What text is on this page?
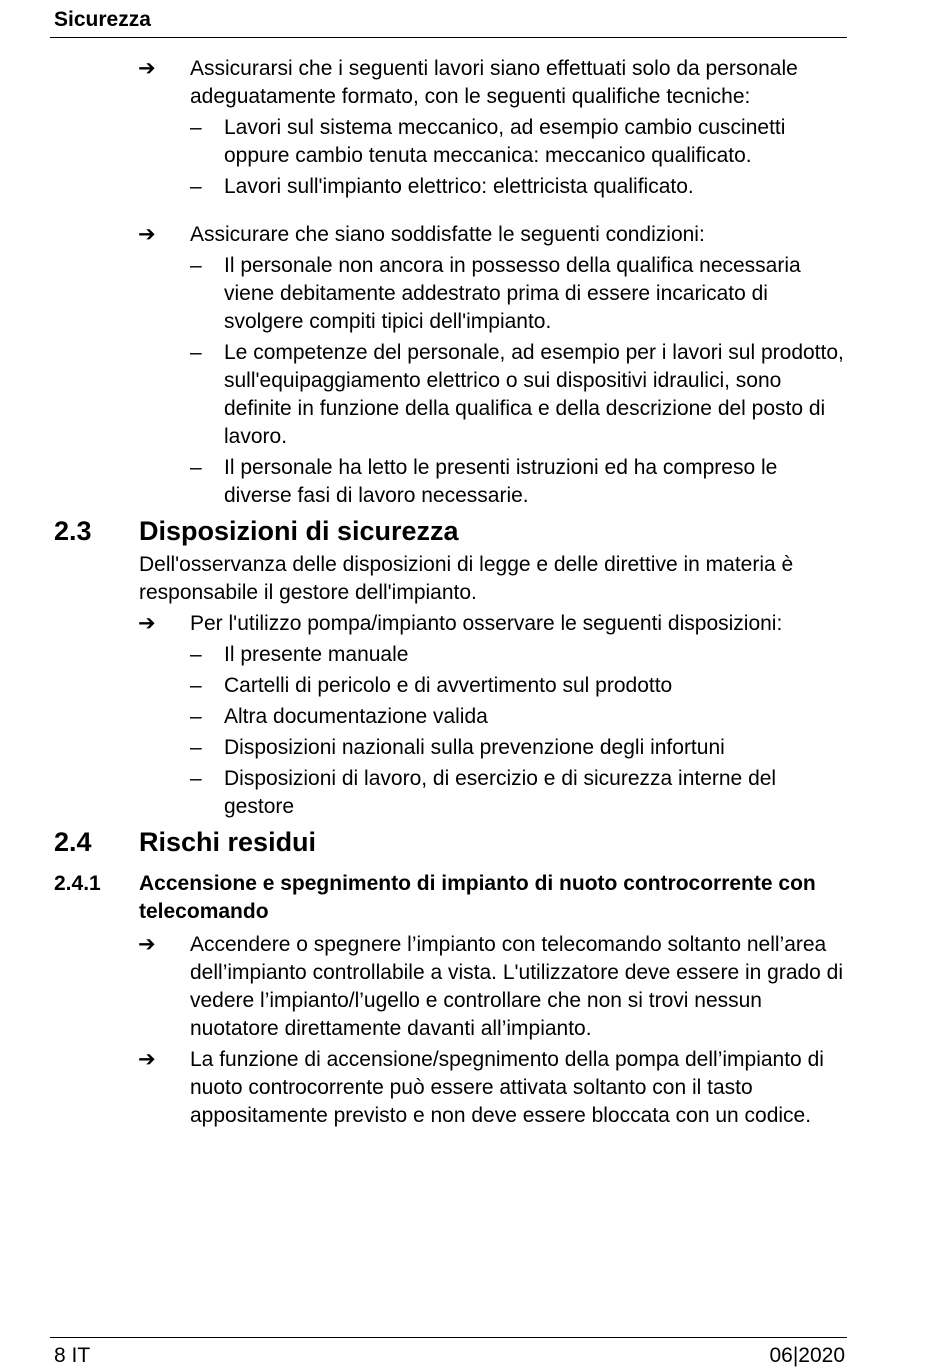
Sicurezza
➔	Assicurarsi che i seguenti lavori siano effettuati solo da personale adeguatamente formato, con le seguenti qualifiche tecniche:
– Lavori sul sistema meccanico, ad esempio cambio cuscinetti oppure cambio tenuta meccanica: meccanico qualificato.
– Lavori sull'impianto elettrico: elettricista qualificato.
➔	Assicurare che siano soddisfatte le seguenti condizioni:
– Il personale non ancora in possesso della qualifica necessaria viene debitamente addestrato prima di essere incaricato di svolgere compiti tipici dell'impianto.
– Le competenze del personale, ad esempio per i lavori sul prodotto, sull'equipaggiamento elettrico o sui dispositivi idraulici, sono definite in funzione della qualifica e della descrizione del posto di lavoro.
– Il personale ha letto le presenti istruzioni ed ha compreso le diverse fasi di lavoro necessarie.
2.3 Disposizioni di sicurezza
Dell'osservanza delle disposizioni di legge e delle direttive in materia è responsabile il gestore dell'impianto.
➔	Per l'utilizzo pompa/impianto osservare le seguenti disposizioni:
– Il presente manuale
– Cartelli di pericolo e di avvertimento sul prodotto
– Altra documentazione valida
– Disposizioni nazionali sulla prevenzione degli infortuni
– Disposizioni di lavoro, di esercizio e di sicurezza interne del gestore
2.4 Rischi residui
2.4.1 Accensione e spegnimento di impianto di nuoto controcorrente con telecomando
➔	Accendere o spegnere l’impianto con telecomando soltanto nell’area dell’impianto controllabile a vista. L'utilizzatore deve essere in grado di vedere l’impianto/l’ugello e controllare che non si trovi nessun nuotatore direttamente davanti all’impianto.
➔	La funzione di accensione/spegnimento della pompa dell’impianto di nuoto controcorrente può essere attivata soltanto con il tasto appositamente previsto e non deve essere bloccata con un codice.
8 IT	06|2020
